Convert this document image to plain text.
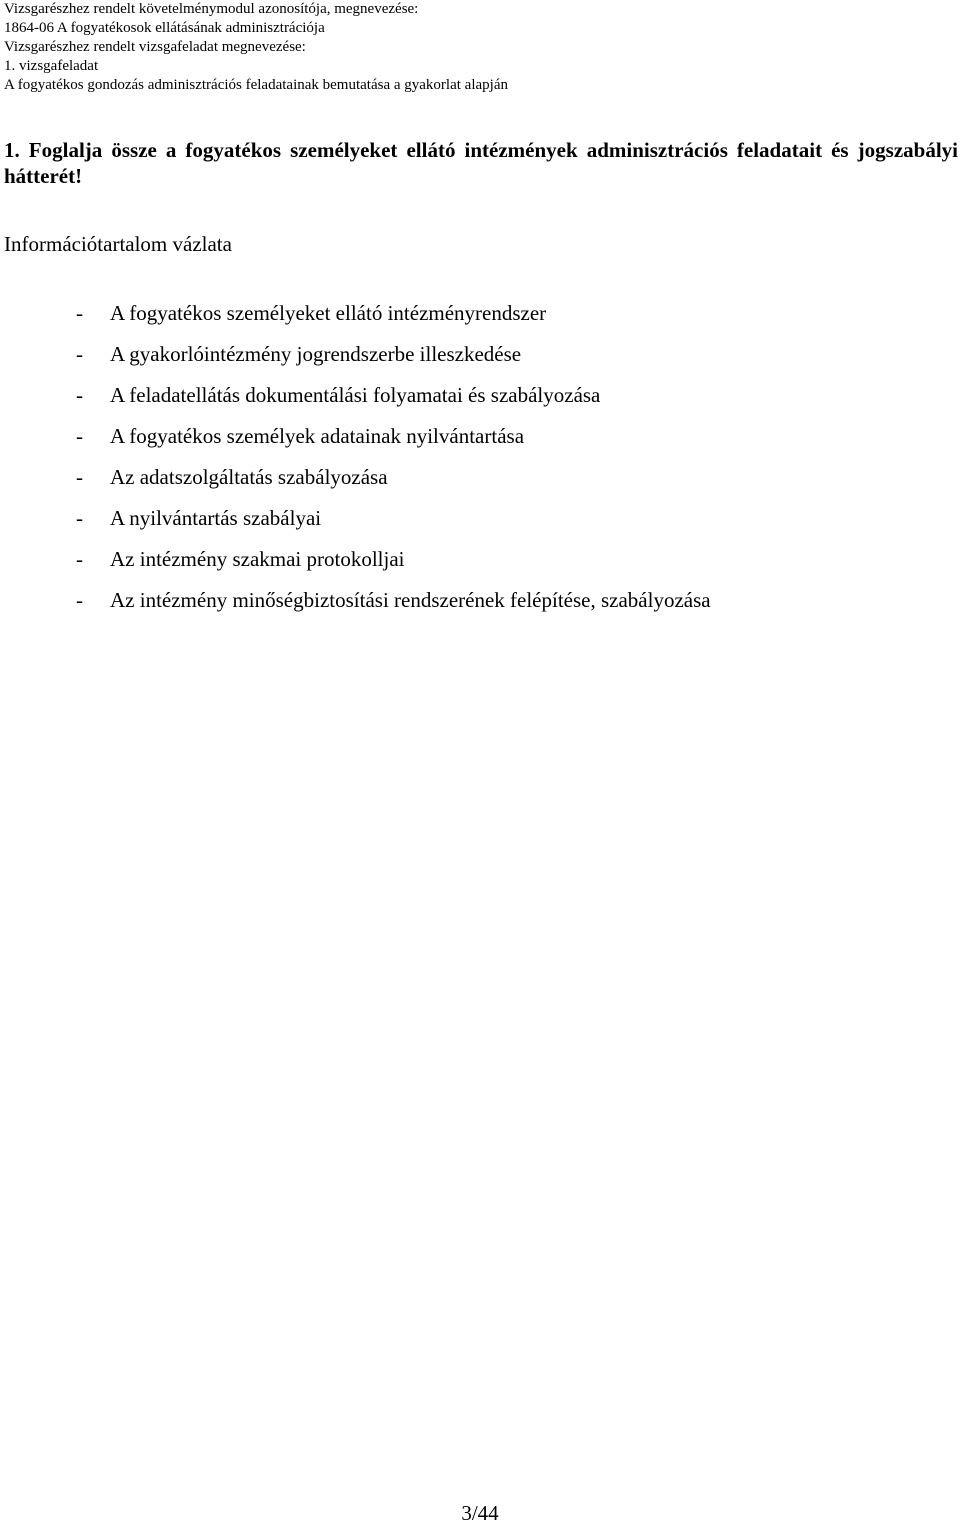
Vizsgarészhez rendelt követelménymodul azonosítója, megnevezése:
1864-06 A fogyatékosok ellátásának adminisztrációja
Vizsgarészhez rendelt vizsgafeladat megnevezése:
1. vizsgafeladat
A fogyatékos gondozás adminisztrációs feladatainak bemutatása a gyakorlat alapján
1. Foglalja össze a fogyatékos személyeket ellátó intézmények adminisztrációs feladatait és jogszabályi hátterét!
Információtartalom vázlata
- A fogyatékos személyeket ellátó intézményrendszer
- A gyakorlóintézmény jogrendszerbe illeszkedése
- A feladatellátás dokumentálási folyamatai és szabályozása
- A fogyatékos személyek adatainak nyilvántartása
- Az adatszolgáltatás szabályozása
- A nyilvántartás szabályai
- Az intézmény szakmai protokolljai
- Az intézmény minőségbiztosítási rendszerének felépítése, szabályozása
3/44
